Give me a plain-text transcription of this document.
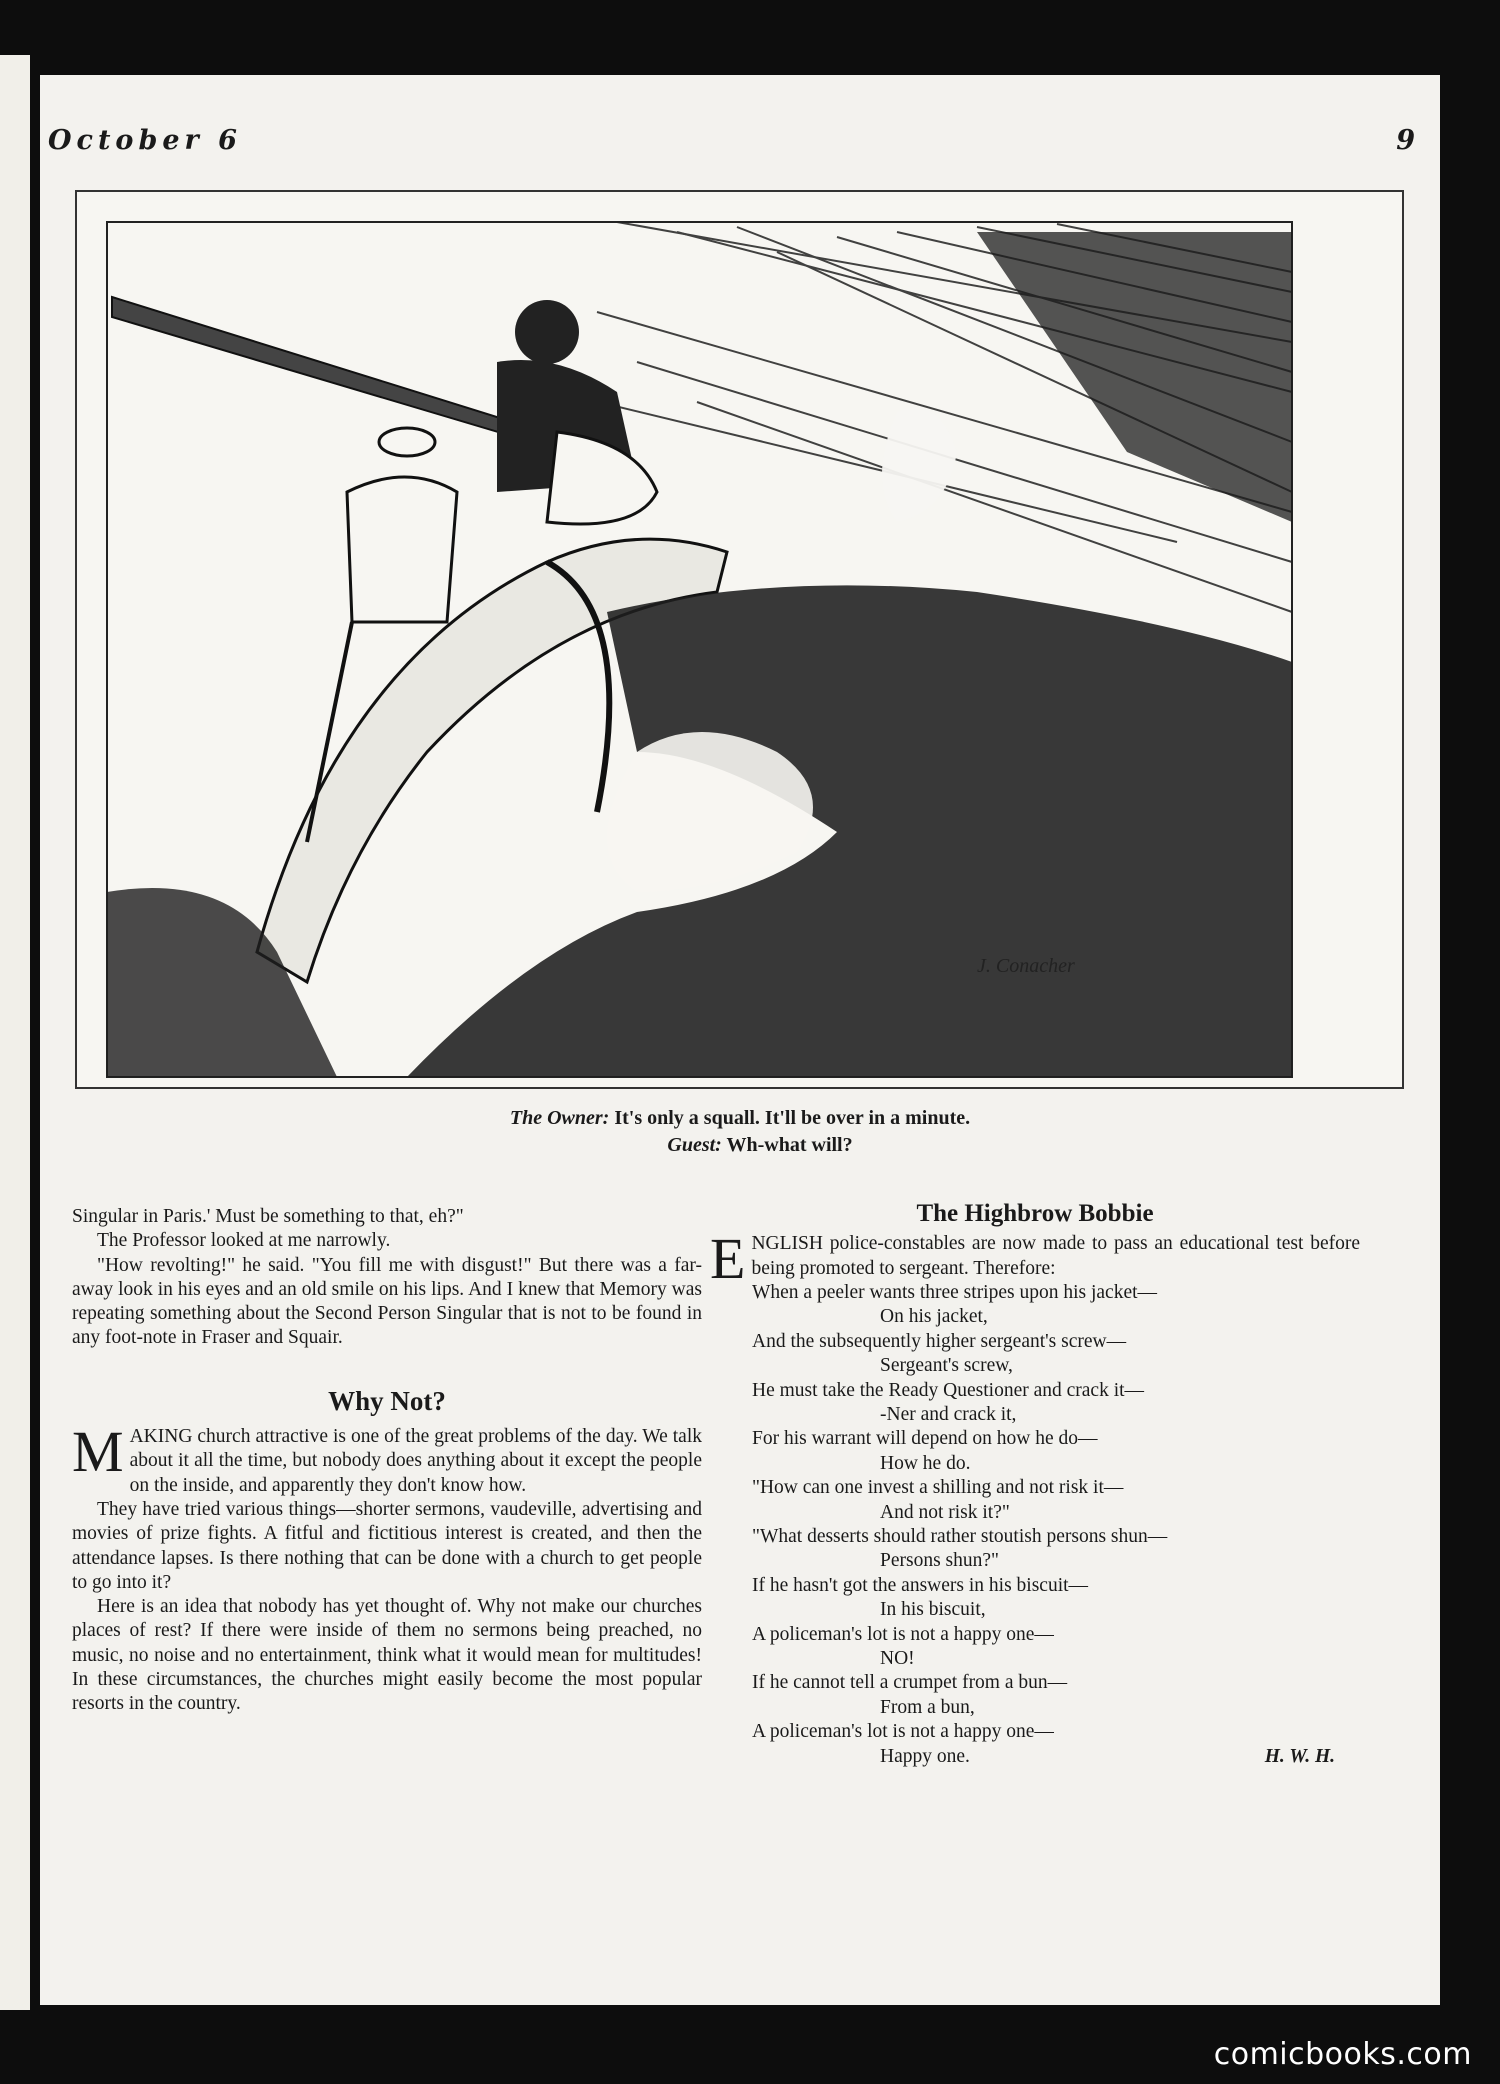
October 6	9
J. Conacher
The Owner: It's only a squall. It'll be over in a minute.
Guest: Wh-what will?

Singular in Paris.' Must be something to that, eh?"

The Professor looked at me narrowly.

"How revolting!" he said. "You fill me with disgust!" But there was a far-away look in his eyes and an old smile on his lips. And I knew that Memory was repeating something about the Second Person Singular that is not to be found in any foot-note in Fraser and Squair.

Why Not?

MAKING church attractive is one of the great problems of the day. We talk about it all the time, but nobody does anything about it except the people on the inside, and apparently they don't know how.

They have tried various things—shorter sermons, vaudeville, advertising and movies of prize fights. A fitful and fictitious interest is created, and then the attendance lapses. Is there nothing that can be done with a church to get people to go into it?

Here is an idea that nobody has yet thought of. Why not make our churches places of rest? If there were inside of them no sermons being preached, no music, no noise and no entertainment, think what it would mean for multitudes! In these circumstances, the churches might easily become the most popular resorts in the country.

The Highbrow Bobbie

ENGLISH police-constables are now made to pass an educational test before being promoted to sergeant. Therefore:

When a peeler wants three stripes upon his jacket—
On his jacket,
And the subsequently higher sergeant's screw—
Sergeant's screw,
He must take the Ready Questioner and crack it—
-Ner and crack it,
For his warrant will depend on how he do—
How he do.
"How can one invest a shilling and not risk it—
And not risk it?"
"What desserts should rather stoutish persons shun—
Persons shun?"
If he hasn't got the answers in his biscuit—
In his biscuit,
A policeman's lot is not a happy one—
NO!
If he cannot tell a crumpet from a bun—
From a bun,
A policeman's lot is not a happy one—
Happy one.	H. W. H.
comicbooks.com
